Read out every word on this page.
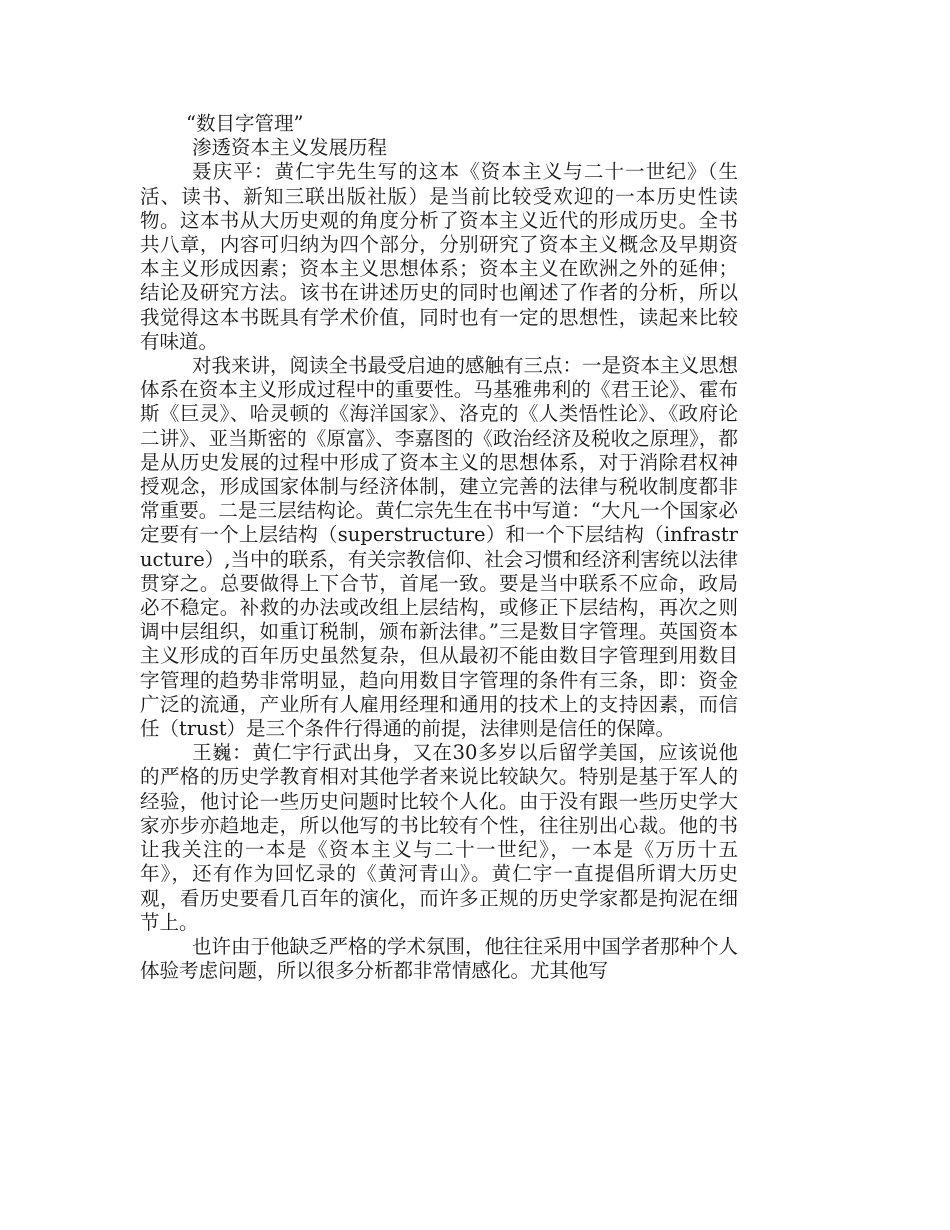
“数目字管理”

渗透资本主义发展历程

聂庆平：黄仁宇先生写的这本《资本主义与二十一世纪》（生活、读书、新知三联出版社版）是当前比较受欢迎的一本历史性读物。这本书从大历史观的角度分析了资本主义近代的形成历史。全书共八章，内容可归纳为四个部分，分别研究了资本主义概念及早期资本主义形成因素；资本主义思想体系；资本主义在欧洲之外的延伸；结论及研究方法。该书在讲述历史的同时也阐述了作者的分析，所以我觉得这本书既具有学术价值，同时也有一定的思想性，读起来比较有味道。

对我来讲，阅读全书最受启迪的感触有三点：一是资本主义思想体系在资本主义形成过程中的重要性。马基雅弗利的《君王论》、霍布斯《巨灵》、哈灵顿的《海洋国家》、洛克的《人类悟性论》、《政府论二讲》、亚当斯密的《原富》、李嘉图的《政治经济及税收之原理》，都是从历史发展的过程中形成了资本主义的思想体系，对于消除君权神授观念，形成国家体制与经济体制，建立完善的法律与税收制度都非常重要。二是三层结构论。黄仁宗先生在书中写道：“大凡一个国家必定要有一个上层结构（superstructure）和一个下层结构（infrastructure）,当中的联系，有关宗教信仰、社会习惯和经济利害统以法律贯穿之。总要做得上下合节，首尾一致。要是当中联系不应命，政局必不稳定。补救的办法或改组上层结构，或修正下层结构，再次之则调中层组织，如重订税制，颁布新法律。”三是数目字管理。英国资本主义形成的百年历史虽然复杂，但从最初不能由数目字管理到用数目字管理的趋势非常明显，趋向用数目字管理的条件有三条，即：资金广泛的流通，产业所有人雇用经理和通用的技术上的支持因素，而信任（trust）是三个条件行得通的前提，法律则是信任的保障。

王巍：黄仁宇行武出身，又在30多岁以后留学美国，应该说他的严格的历史学教育相对其他学者来说比较缺欠。特别是基于军人的经验，他讨论一些历史问题时比较个人化。由于没有跟一些历史学大家亦步亦趋地走，所以他写的书比较有个性，往往别出心裁。他的书让我关注的一本是《资本主义与二十一世纪》，一本是《万历十五年》，还有作为回忆录的《黄河青山》。黄仁宇一直提倡所谓大历史观，看历史要看几百年的演化，而许多正规的历史学家都是拘泥在细节上。

也许由于他缺乏严格的学术氛围，他往往采用中国学者那种个人体验考虑问题，所以很多分析都非常情感化。尤其他写
